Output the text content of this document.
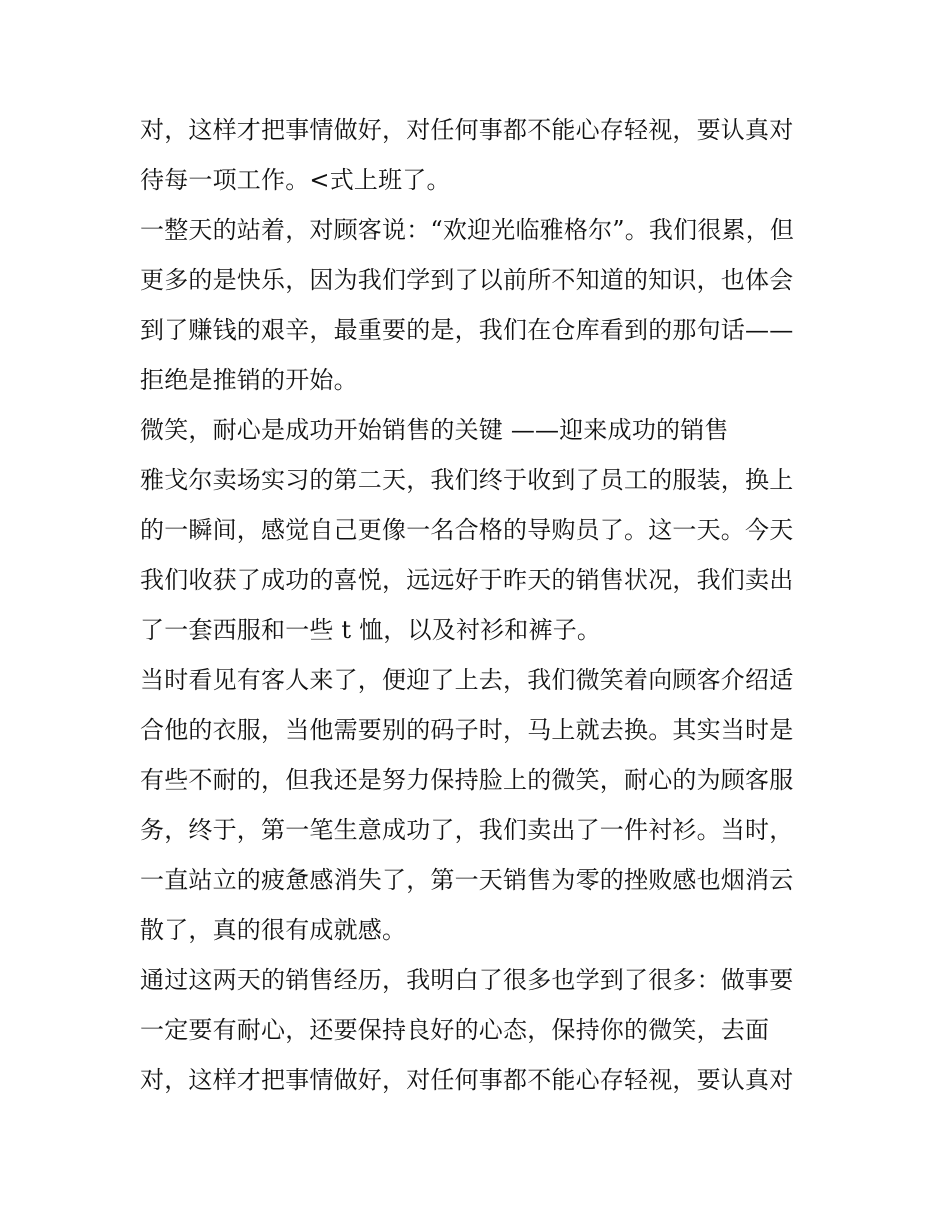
对，这样才把事情做好，对任何事都不能心存轻视，要认真对
待每一项工作。<式上班了。
一整天的站着，对顾客说：“欢迎光临雅格尔”。我们很累，但
更多的是快乐，因为我们学到了以前所不知道的知识，也体会
到了赚钱的艰辛，最重要的是，我们在仓库看到的那句话——
拒绝是推销的开始。
微笑，耐心是成功开始销售的关键 ——迎来成功的销售
雅戈尔卖场实习的第二天，我们终于收到了员工的服装，换上
的一瞬间，感觉自己更像一名合格的导购员了。这一天。今天
我们收获了成功的喜悦，远远好于昨天的销售状况，我们卖出
了一套西服和一些 t 恤，以及衬衫和裤子。
当时看见有客人来了，便迎了上去，我们微笑着向顾客介绍适
合他的衣服，当他需要别的码子时，马上就去换。其实当时是
有些不耐的，但我还是努力保持脸上的微笑，耐心的为顾客服
务，终于，第一笔生意成功了，我们卖出了一件衬衫。当时，
一直站立的疲惫感消失了，第一天销售为零的挫败感也烟消云
散了，真的很有成就感。
通过这两天的销售经历，我明白了很多也学到了很多：做事要
一定要有耐心，还要保持良好的心态，保持你的微笑，去面
对，这样才把事情做好，对任何事都不能心存轻视，要认真对
